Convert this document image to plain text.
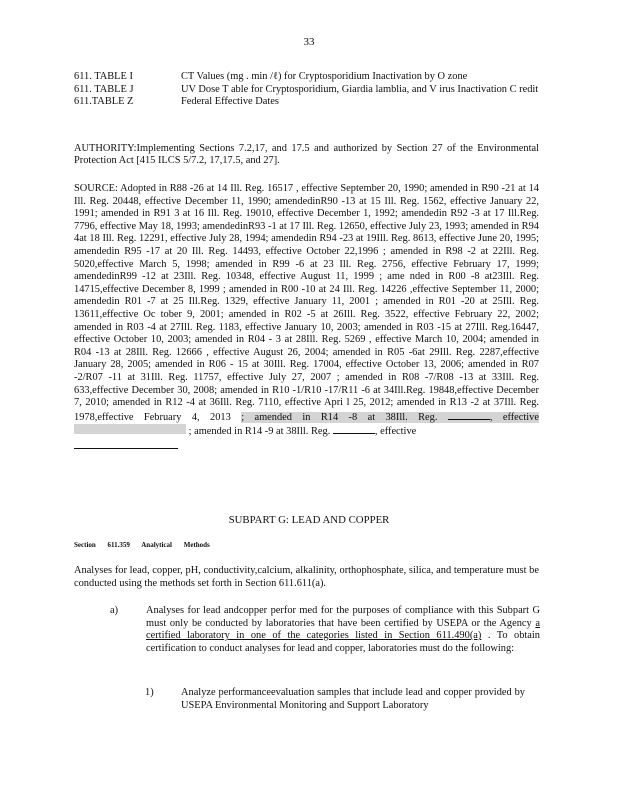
33
611. TABLE I	CT Values (mg . min /ℓ) for Cryptosporidium Inactivation by O zone
611. TABLE J	UV Dose T able for Cryptosporidium, Giardia lamblia, and V irus Inactivation C redit
611.TABLE Z	Federal Effective Dates
AUTHORITY:Implementing Sections 7.2,17, and 17.5 and authorized by Section 27 of the Environmental Protection Act [415 ILCS 5/7.2, 17,17.5, and 27].
SOURCE: Adopted in R88 -26 at 14 Ill. Reg. 16517 , effective September 20, 1990; amended in R90 -21 at 14 Ill. Reg. 20448, effective December 11, 1990; amendedinR90 -13 at 15 Ill. Reg. 1562, effective January 22, 1991; amended in R91 3 at 16 Ill. Reg. 19010, effective December 1, 1992; amendedin R92 -3 at 17 Ill.Reg. 7796, effective May 18, 1993; amendedinR93 -1 at 17 Ill. Reg. 12650, effective July 23, 1993; amended in R94 4at 18 Ill. Reg. 12291, effective July 28, 1994; amendedin R94 -23 at 19Ill. Reg. 8613, effective June 20, 1995; amendedin R95 -17 at 20 Ill. Reg. 14493, effective October 22,1996 ; amended in R98 -2 at 22Ill. Reg. 5020,effective March 5, 1998; amended in R99 -6 at 23 Ill. Reg. 2756, effective February 17, 1999; amendedinR99 -12 at 23Ill. Reg. 10348, effective August 11, 1999 ; ame nded in R00 -8 at23Ill. Reg. 14715,effective December 8, 1999 ; amended in R00 -10 at 24 Ill. Reg. 14226 ,effective September 11, 2000; amendedin R01 -7 at 25 Ill.Reg. 1329, effective January 11, 2001 ; amended in R01 -20 at 25Ill. Reg. 13611,effective Oc tober 9, 2001; amended in R02 -5 at 26Ill. Reg. 3522, effective February 22, 2002; amended in R03 -4 at 27Ill. Reg. 1183, effective January 10, 2003; amended in R03 -15 at 27Ill. Reg.16447, effective October 10, 2003; amended in R04 - 3 at 28Ill. Reg. 5269 , effective March 10, 2004; amended in R04 -13 at 28Ill. Reg. 12666 , effective August 26, 2004; amended in R05 -6at 29Ill. Reg. 2287,effective January 28, 2005; amended in R06 - 15 at 30Ill. Reg. 17004, effective October 13, 2006; amended in R07 -2/R07 -11 at 31Ill. Reg. 11757, effective July 27, 2007 ; amended in R08 -7/R08 -13 at 33Ill. Reg. 633,effective December 30, 2008; amended in R10 -1/R10 -17/R11 -6 at 34Ill.Reg. 19848,effective December 7, 2010; amended in R12 -4 at 36Ill. Reg. 7110, effective Apri l 25, 2012; amended in R13 -2 at 37Ill. Reg. 1978,effective February 4, 2013 ; amended in R14 -8 at 38Ill. Reg.	, effective  ; amended in R14 -9 at 38Ill. Reg.	, effective

SUBPART G: LEAD AND COPPER
Section 611.359 Analytical Methods
Analyses for lead, copper, pH, conductivity,calcium, alkalinity, orthophosphate, silica, and temperature must be conducted using the methods set forth in Section 611.611(a).
a)	Analyses for lead andcopper perfor med for the purposes of compliance with this Subpart G must only be conducted by laboratories that have been certified by USEPA or the Agency a certified laboratory in one of the categories listed in Section 611.490(a) . To obtain certification to conduct analyses for lead and copper, laboratories must do the following:
1)	Analyze performanceevaluation samples that include lead and copper provided by USEPA Environmental Monitoring and Support Laboratory
